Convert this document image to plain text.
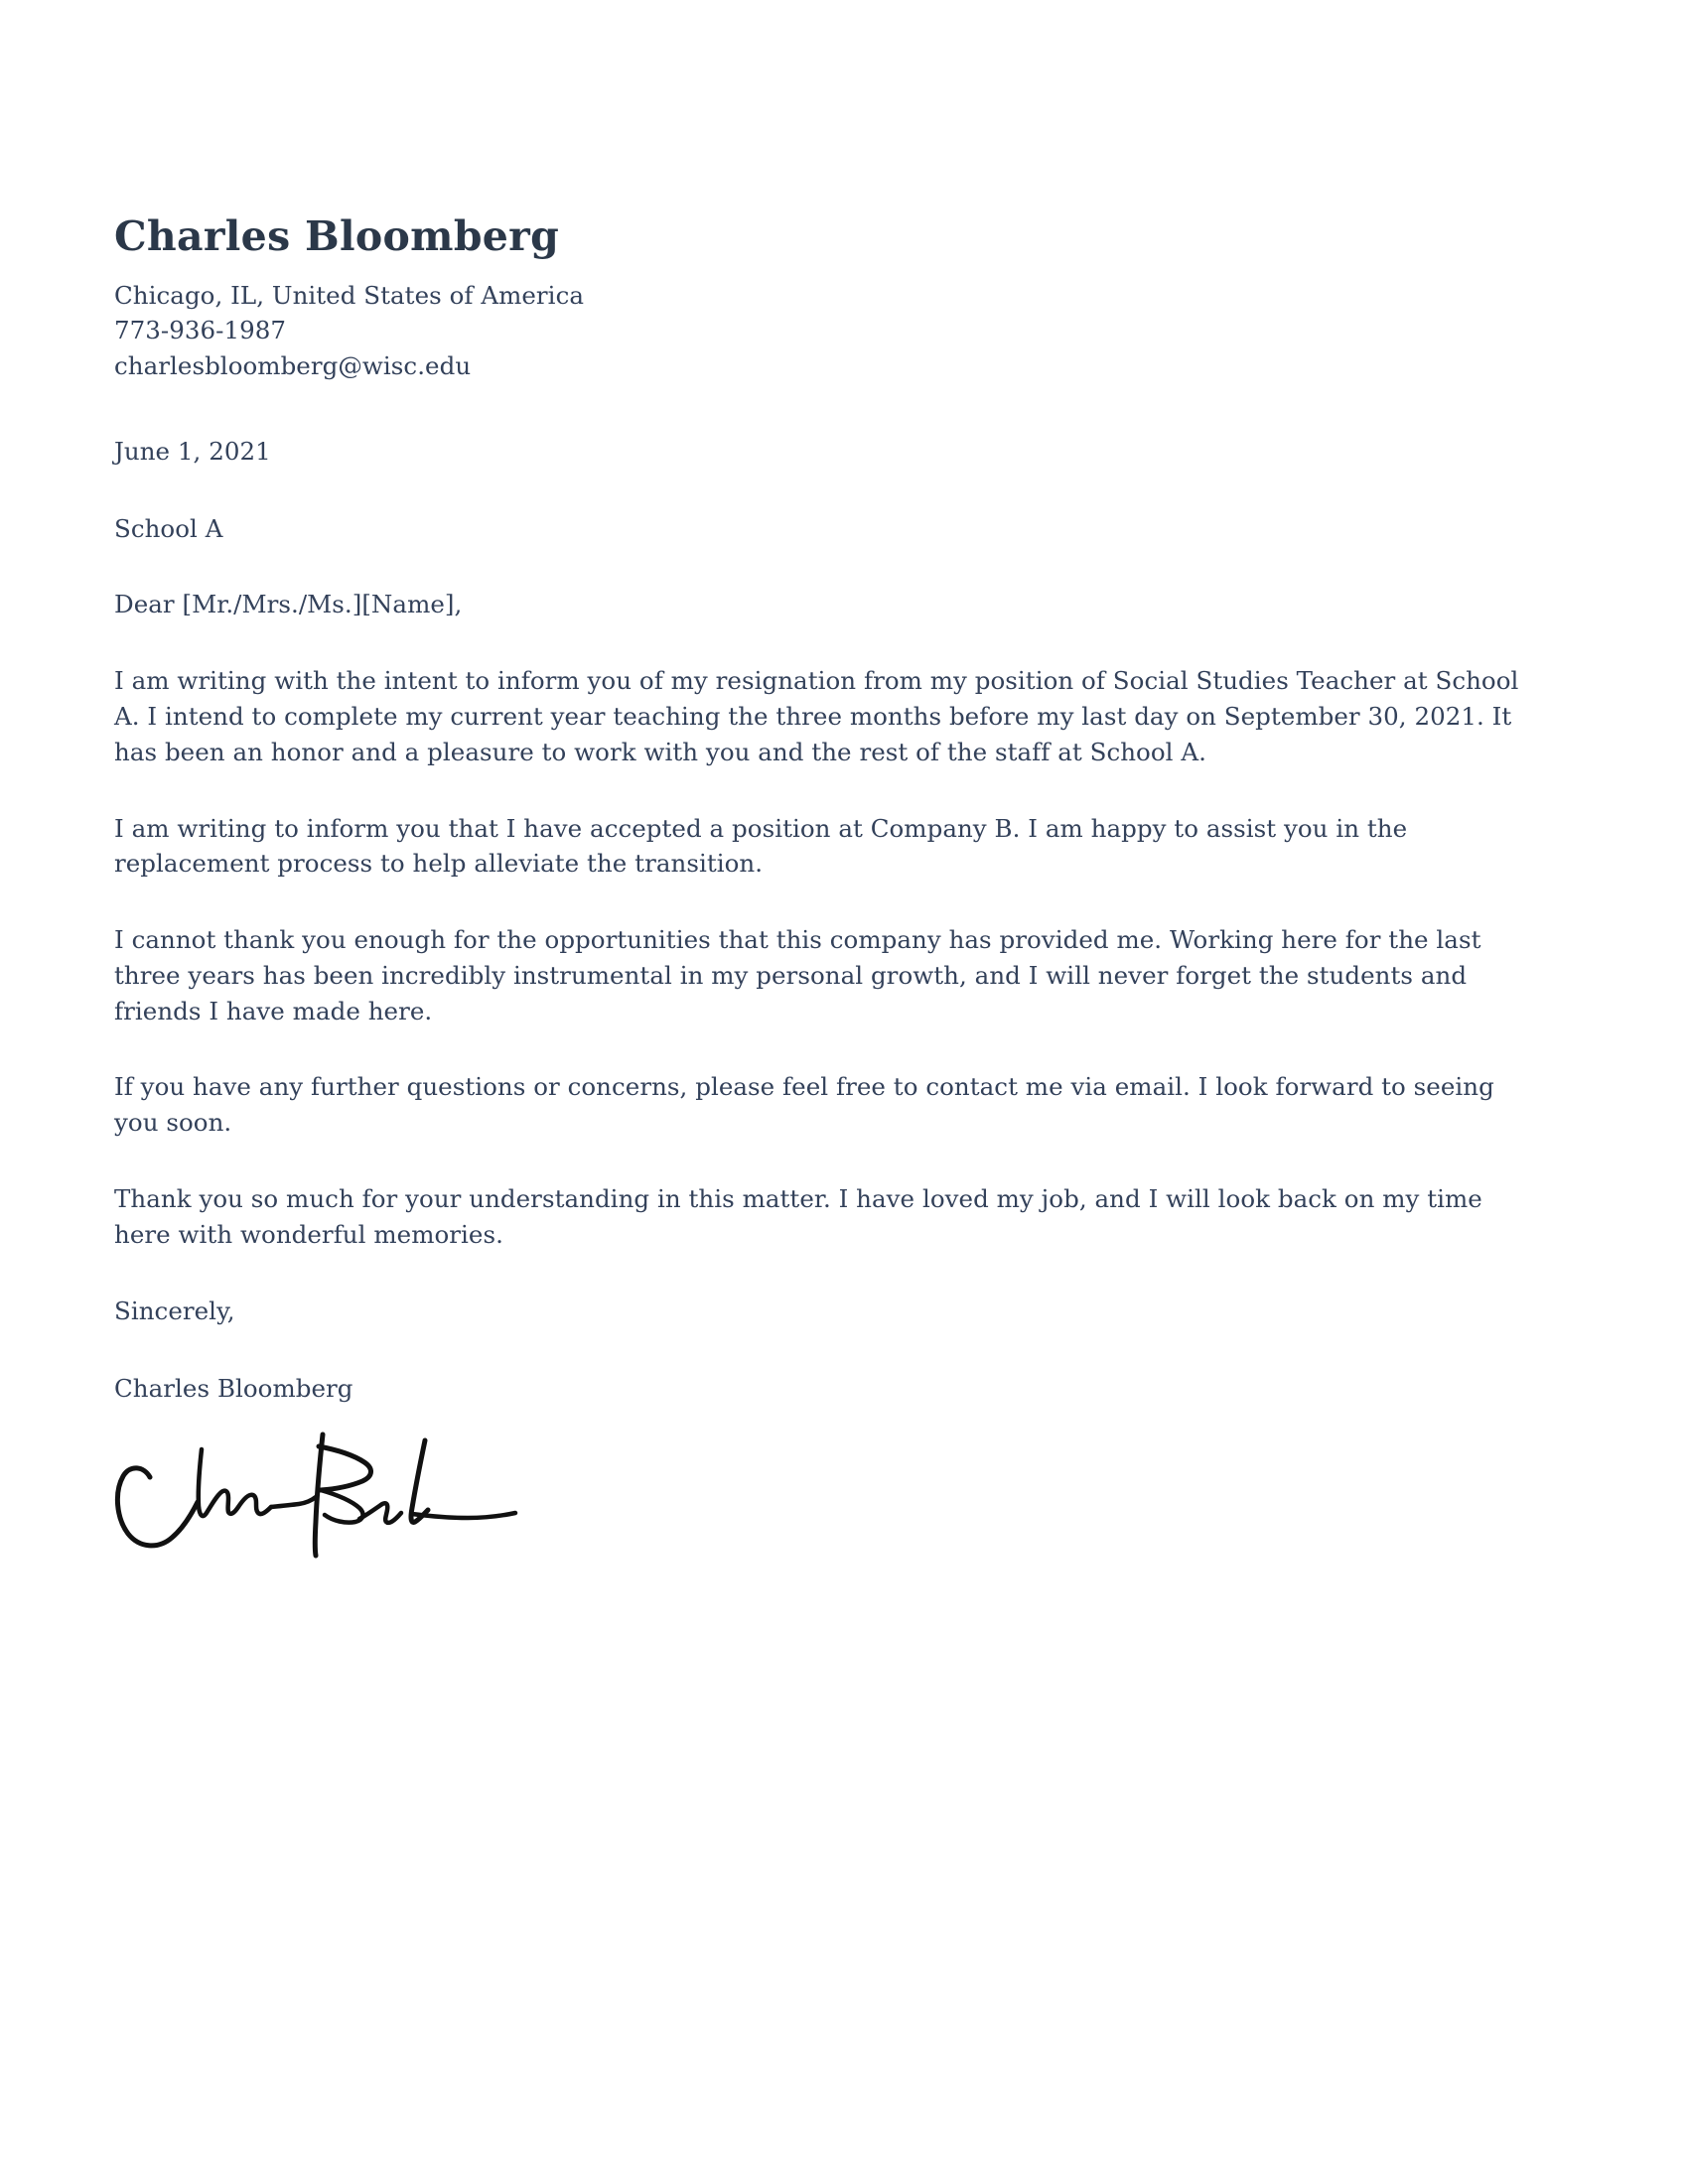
Charles Bloomberg

Chicago, IL, United States of America

773-936-1987

charlesbloomberg@wisc.edu

June 1, 2021

School A

Dear [Mr./Mrs./Ms.][Name],

I am writing with the intent to inform you of my resignation from my position of Social Studies Teacher at School A. I intend to complete my current year teaching the three months before my last day on September 30, 2021. It has been an honor and a pleasure to work with you and the rest of the staff at School A.

I am writing to inform you that I have accepted a position at Company B. I am happy to assist you in the replacement process to help alleviate the transition.

I cannot thank you enough for the opportunities that this company has provided me. Working here for the last three years has been incredibly instrumental in my personal growth, and I will never forget the students and friends I have made here.

If you have any further questions or concerns, please feel free to contact me via email. I look forward to seeing you soon.

Thank you so much for your understanding in this matter. I have loved my job, and I will look back on my time here with wonderful memories.

Sincerely,

Charles Bloomberg
